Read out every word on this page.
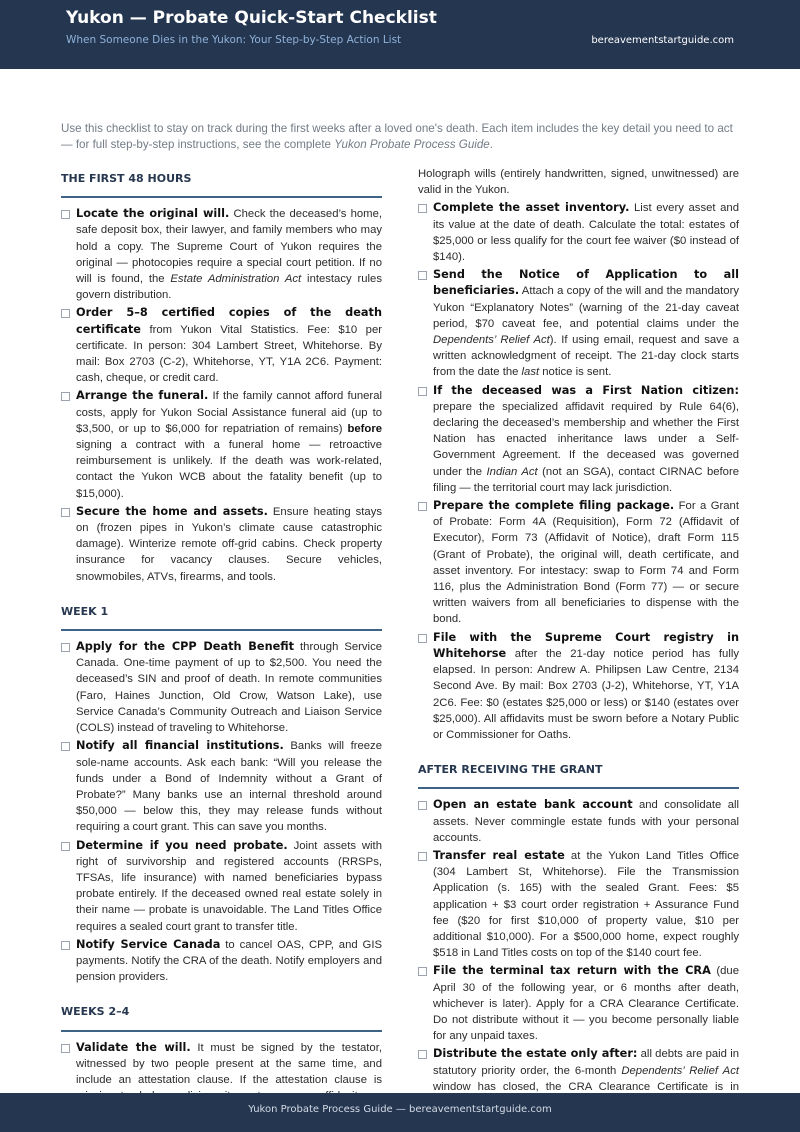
Yukon — Probate Quick-Start Checklist
When Someone Dies in the Yukon: Your Step-by-Step Action List	bereavementstartguide.com

Use this checklist to stay on track during the first weeks after a loved one's death. Each item includes the key detail you need to act — for full step-by-step instructions, see the complete Yukon Probate Process Guide.

THE FIRST 48 HOURS
Locate the original will. Check the deceased’s home, safe deposit box, their lawyer, and family members who may hold a copy. The Supreme Court of Yukon requires the original — photocopies require a special court petition. If no will is found, the Estate Administration Act intestacy rules govern distribution.
Order 5–8 certified copies of the death certificate from Yukon Vital Statistics. Fee: $10 per certificate. In person: 304 Lambert Street, Whitehorse. By mail: Box 2703 (C-2), Whitehorse, YT, Y1A 2C6. Payment: cash, cheque, or credit card.
Arrange the funeral. If the family cannot afford funeral costs, apply for Yukon Social Assistance funeral aid (up to $3,500, or up to $6,000 for repatriation of remains) before signing a contract with a funeral home — retroactive reimbursement is unlikely. If the death was work-related, contact the Yukon WCB about the fatality benefit (up to $15,000).
Secure the home and assets. Ensure heating stays on (frozen pipes in Yukon’s climate cause catastrophic damage). Winterize remote off-grid cabins. Check property insurance for vacancy clauses. Secure vehicles, snowmobiles, ATVs, firearms, and tools.
WEEK 1
Apply for the CPP Death Benefit through Service Canada. One-time payment of up to $2,500. You need the deceased’s SIN and proof of death. In remote communities (Faro, Haines Junction, Old Crow, Watson Lake), use Service Canada’s Community Outreach and Liaison Service (COLS) instead of traveling to Whitehorse.
Notify all financial institutions. Banks will freeze sole-name accounts. Ask each bank: “Will you release the funds under a Bond of Indemnity without a Grant of Probate?” Many banks use an internal threshold around $50,000 — below this, they may release funds without requiring a court grant. This can save you months.
Determine if you need probate. Joint assets with right of survivorship and registered accounts (RRSPs, TFSAs, life insurance) with named beneficiaries bypass probate entirely. If the deceased owned real estate solely in their name — probate is unavoidable. The Land Titles Office requires a sealed court grant to transfer title.
Notify Service Canada to cancel OAS, CPP, and GIS payments. Notify the CRA of the death. Notify employers and pension providers.
WEEKS 2–4
Validate the will. It must be signed by the testator, witnessed by two people present at the same time, and include an attestation clause. If the attestation clause is

Holograph wills (entirely handwritten, signed, unwitnessed) are valid in the Yukon.

Complete the asset inventory. List every asset and its value at the date of death. Calculate the total: estates of $25,000 or less qualify for the court fee waiver ($0 instead of $140).
Send the Notice of Application to all beneficiaries. Attach a copy of the will and the mandatory Yukon “Explanatory Notes” (warning of the 21-day caveat period, $70 caveat fee, and potential claims under the Dependents’ Relief Act). If using email, request and save a written acknowledgment of receipt. The 21-day clock starts from the date the last notice is sent.
If the deceased was a First Nation citizen: prepare the specialized affidavit required by Rule 64(6), declaring the deceased’s membership and whether the First Nation has enacted inheritance laws under a Self-Government Agreement. If the deceased was governed under the Indian Act (not an SGA), contact CIRNAC before filing — the territorial court may lack jurisdiction.
Prepare the complete filing package. For a Grant of Probate: Form 4A (Requisition), Form 72 (Affidavit of Executor), Form 73 (Affidavit of Notice), draft Form 115 (Grant of Probate), the original will, death certificate, and asset inventory. For intestacy: swap to Form 74 and Form 116, plus the Administration Bond (Form 77) — or secure written waivers from all beneficiaries to dispense with the bond.
File with the Supreme Court registry in Whitehorse after the 21-day notice period has fully elapsed. In person: Andrew A. Philipsen Law Centre, 2134 Second Ave. By mail: Box 2703 (J-2), Whitehorse, YT, Y1A 2C6. Fee: $0 (estates $25,000 or less) or $140 (estates over $25,000). All affidavits must be sworn before a Notary Public or Commissioner for Oaths.
AFTER RECEIVING THE GRANT
Open an estate bank account and consolidate all assets. Never commingle estate funds with your personal accounts.
Transfer real estate at the Yukon Land Titles Office (304 Lambert St, Whitehorse). File the Transmission Application (s. 165) with the sealed Grant. Fees: $5 application + $3 court order registration + Assurance Fund fee ($20 for first $10,000 of property value, $10 per additional $10,000). For a $500,000 home, expect roughly $518 in Land Titles costs on top of the $140 court fee.
File the terminal tax return with the CRA (due April 30 of the following year, or 6 months after death, whichever is later). Apply for a CRA Clearance Certificate. Do not distribute without it — you become personally liable for any unpaid taxes.
Distribute the estate only after: all debts are paid in statutory priority order, the 6-month Dependents’ Relief Act window has closed, the CRA Clearance Certificate is in
Yukon Probate Process Guide — bereavementstartguide.com
